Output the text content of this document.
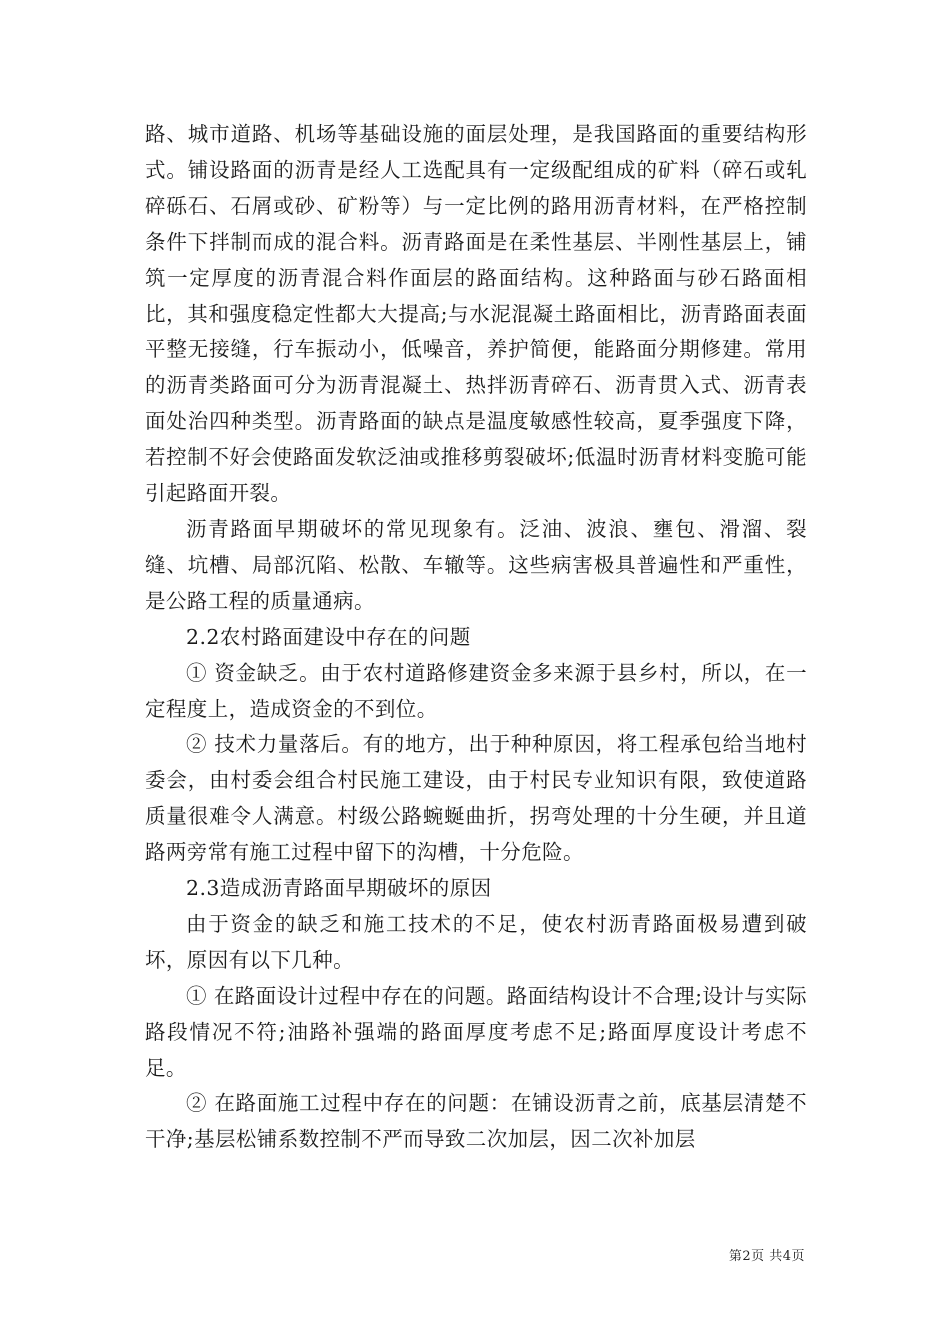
路、城市道路、机场等基础设施的面层处理，是我国路面的重要结构形式。铺设路面的沥青是经人工选配具有一定级配组成的矿料（碎石或轧碎砾石、石屑或砂、矿粉等）与一定比例的路用沥青材料，在严格控制条件下拌制而成的混合料。沥青路面是在柔性基层、半刚性基层上，铺筑一定厚度的沥青混合料作面层的路面结构。这种路面与砂石路面相比，其和强度稳定性都大大提高;与水泥混凝土路面相比，沥青路面表面平整无接缝，行车振动小，低噪音，养护简便，能路面分期修建。常用的沥青类路面可分为沥青混凝土、热拌沥青碎石、沥青贯入式、沥青表面处治四种类型。沥青路面的缺点是温度敏感性较高，夏季强度下降，若控制不好会使路面发软泛油或推移剪裂破坏;低温时沥青材料变脆可能引起路面开裂。

沥青路面早期破坏的常见现象有。泛油、波浪、壅包、滑溜、裂缝、坑槽、局部沉陷、松散、车辙等。这些病害极具普遍性和严重性，是公路工程的质量通病。

2.2农村路面建设中存在的问题

① 资金缺乏。由于农村道路修建资金多来源于县乡村，所以，在一定程度上，造成资金的不到位。

② 技术力量落后。有的地方，出于种种原因，将工程承包给当地村委会，由村委会组合村民施工建设，由于村民专业知识有限，致使道路质量很难令人满意。村级公路蜿蜒曲折，拐弯处理的十分生硬，并且道路两旁常有施工过程中留下的沟槽，十分危险。

2.3造成沥青路面早期破坏的原因

由于资金的缺乏和施工技术的不足，使农村沥青路面极易遭到破坏，原因有以下几种。

① 在路面设计过程中存在的问题。路面结构设计不合理;设计与实际路段情况不符;油路补强端的路面厚度考虑不足;路面厚度设计考虑不足。

② 在路面施工过程中存在的问题：在铺设沥青之前，底基层清楚不干净;基层松铺系数控制不严而导致二次加层，因二次补加层

第2页 共4页
